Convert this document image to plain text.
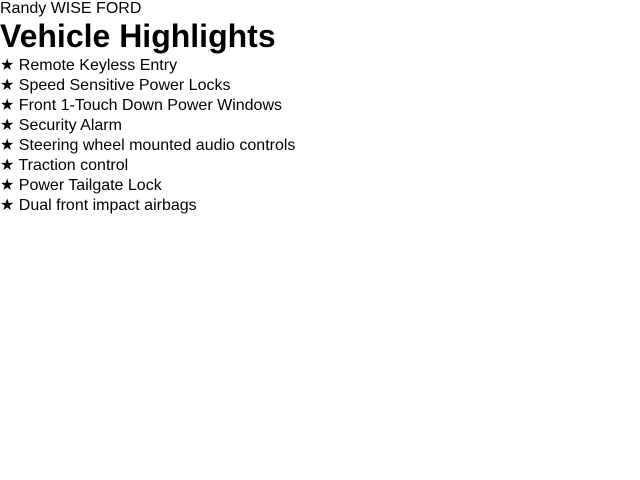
Randy WISE FORD
Vehicle Highlights
• ★ Remote Keyless Entry
• ★ Speed Sensitive Power Locks
• ★ Front 1-Touch Down Power Windows
• ★ Security Alarm
• ★ Steering wheel mounted audio controls
• ★ Traction control
• ★ Power Tailgate Lock
• ★ Dual front impact airbags
